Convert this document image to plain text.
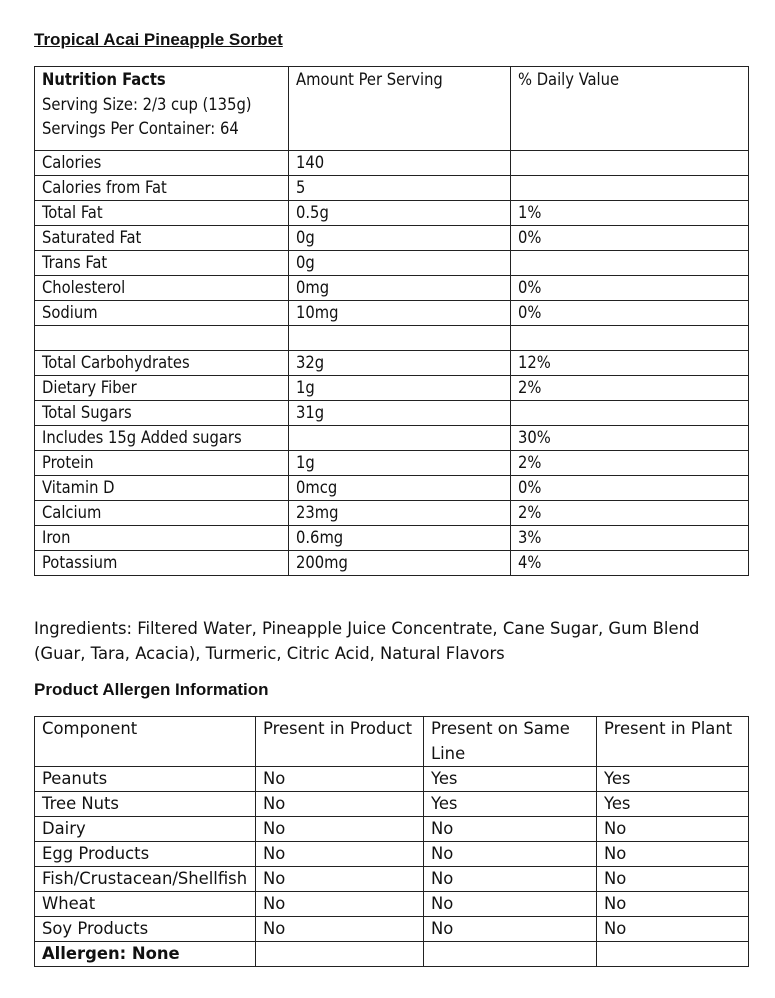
Tropical Acai Pineapple Sorbet
Nutrition Facts
Serving Size: 2/3 cup (135g)
Servings Per Container: 64	Amount Per Serving	% Daily Value

Calories	140	
Calories from Fat	5	
Total Fat	0.5g	1%
Saturated Fat	0g	0%
Trans Fat	0g	
Cholesterol	0mg	0%
Sodium	10mg	0%

Total Carbohydrates	32g	12%
Dietary Fiber	1g	2%
Total Sugars	31g	
Includes 15g Added sugars		30%
Protein	1g	2%
Vitamin D	0mcg	0%
Calcium	23mg	2%
Iron	0.6mg	3%
Potassium	200mg	4%
Ingredients: Filtered Water, Pineapple Juice Concentrate, Cane Sugar, Gum Blend (Guar, Tara, Acacia), Turmeric, Citric Acid, Natural Flavors
Product Allergen Information
Component	Present in Product	Present on Same Line	Present in Plant
Peanuts	No	Yes	Yes
Tree Nuts	No	Yes	Yes
Dairy	No	No	No
Egg Products	No	No	No
Fish/Crustacean/Shellfish	No	No	No
Wheat	No	No	No
Soy Products	No	No	No
Allergen: None			
